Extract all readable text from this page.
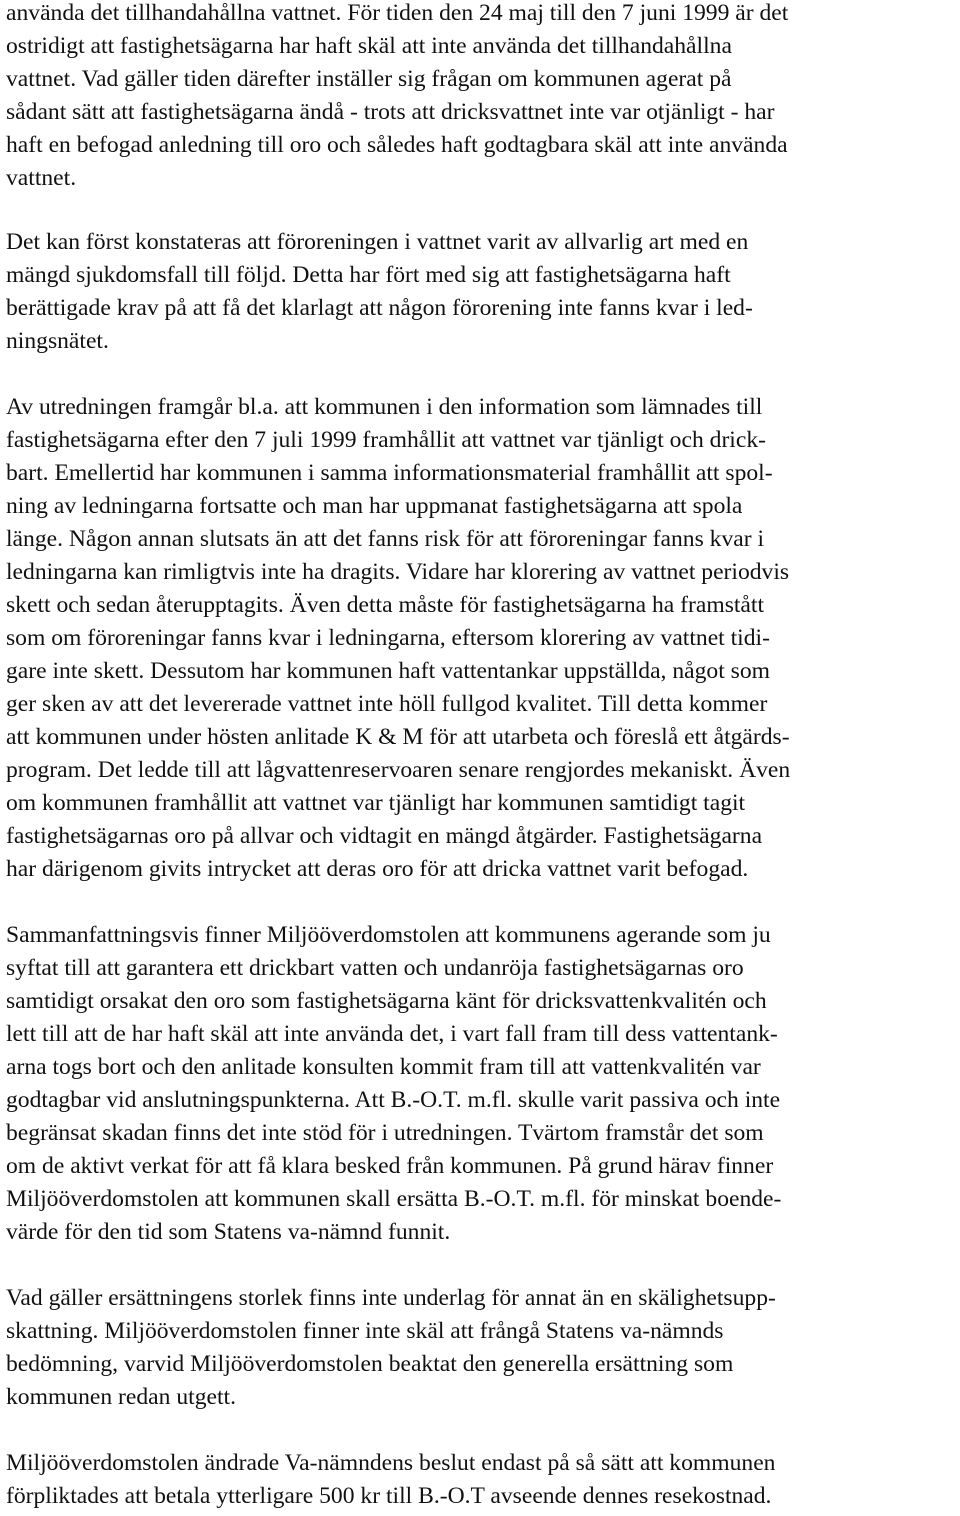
använda det tillhandahållna vattnet. För tiden den 24 maj till den 7 juni 1999 är det
ostridigt att fastighetsägarna har haft skäl att inte använda det tillhandahållna
vattnet. Vad gäller tiden därefter inställer sig frågan om kommunen agerat på
sådant sätt att fastighetsägarna ändå - trots att dricksvattnet inte var otjänligt - har
haft en befogad anledning till oro och således haft godtagbara skäl att inte använda
vattnet.
Det kan först konstateras att föroreningen i vattnet varit av allvarlig art med en
mängd sjukdomsfall till följd. Detta har fört med sig att fastighetsägarna haft
berättigade krav på att få det klarlagt att någon förorening inte fanns kvar i led-
ningsnätet.
Av utredningen framgår bl.a. att kommunen i den information som lämnades till
fastighetsägarna efter den 7 juli 1999 framhållit att vattnet var tjänligt och drick-
bart. Emellertid har kommunen i samma informationsmaterial framhållit att spol-
ning av ledningarna fortsatte och man har uppmanat fastighetsägarna att spola
länge. Någon annan slutsats än att det fanns risk för att föroreningar fanns kvar i
ledningarna kan rimligtvis inte ha dragits. Vidare har klorering av vattnet periodvis
skett och sedan återupptagits. Även detta måste för fastighetsägarna ha framstått
som om föroreningar fanns kvar i ledningarna, eftersom klorering av vattnet tidi-
gare inte skett. Dessutom har kommunen haft vattentankar uppställda, något som
ger sken av att det levererade vattnet inte höll fullgod kvalitet. Till detta kommer
att kommunen under hösten anlitade K & M för att utarbeta och föreslå ett åtgärds-
program. Det ledde till att lågvattenreservoaren senare rengjordes mekaniskt. Även
om kommunen framhållit att vattnet var tjänligt har kommunen samtidigt tagit
fastighetsägarnas oro på allvar och vidtagit en mängd åtgärder. Fastighetsägarna
har därigenom givits intrycket att deras oro för att dricka vattnet varit befogad.
Sammanfattningsvis finner Miljööverdomstolen att kommunens agerande som ju
syftat till att garantera ett drickbart vatten och undanröja fastighetsägarnas oro
samtidigt orsakat den oro som fastighetsägarna känt för dricksvattenkvalitén och
lett till att de har haft skäl att inte använda det, i vart fall fram till dess vattentank-
arna togs bort och den anlitade konsulten kommit fram till att vattenkvalitén var
godtagbar vid anslutningspunkterna. Att B.-O.T. m.fl. skulle varit passiva och inte
begränsat skadan finns det inte stöd för i utredningen. Tvärtom framstår det som
om de aktivt verkat för att få klara besked från kommunen. På grund härav finner
Miljööverdomstolen att kommunen skall ersätta B.-O.T. m.fl. för minskat boende-
värde för den tid som Statens va-nämnd funnit.
Vad gäller ersättningens storlek finns inte underlag för annat än en skälighetsupp-
skattning. Miljööverdomstolen finner inte skäl att frångå Statens va-nämnds
bedömning, varvid Miljööverdomstolen beaktat den generella ersättning som
kommunen redan utgett.
Miljööverdomstolen ändrade Va-nämndens beslut endast på så sätt att kommunen
förpliktades att betala ytterligare 500 kr till B.-O.T avseende dennes resekostnad.
